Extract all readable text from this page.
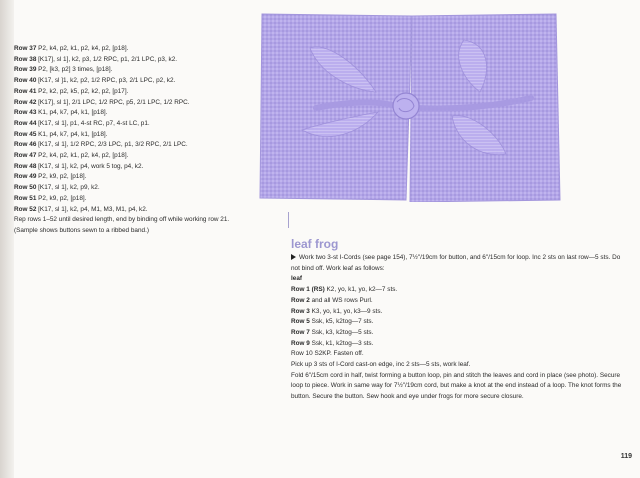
Row 37 P2, k4, p2, k1, p2, k4, p2, [p18].

Row 38 [K17], sl 1], k2, p3, 1/2 RPC, p1, 2/1 LPC, p3, k2.

Row 39 P2, [k3, p2] 3 times, [p18].

Row 40 [K17, sl ]1, k2, p2, 1/2 RPC, p3, 2/1 LPC, p2, k2.

Row 41 P2, k2, p2, k5, p2, k2, p2, [p17].

Row 42 [K17], sl 1], 2/1 LPC, 1/2 RPC, p5, 2/1 LPC, 1/2 RPC.

Row 43 K1, p4, k7, p4, k1, [p18].

Row 44 [K17, sl 1], p1, 4-st RC, p7, 4-st LC, p1.

Row 45 K1, p4, k7, p4, k1, [p18].

Row 46 [K17, sl 1], 1/2 RPC, 2/3 LPC, p1, 3/2 RPC, 2/1 LPC.

Row 47 P2, k4, p2, k1, p2, k4, p2, [p18].

Row 48 [K17, sl 1], k2, p4, work 5 tog, p4, k2.

Row 49 P2, k9, p2, [p18].

Row 50 [K17, sl 1], k2, p9, k2.

Row 51 P2, k9, p2, [p18].

Row 52 [K17, sl 1], k2, p4, M1, M3, M1, p4, k2.

Rep rows 1–52 until desired length, end by binding off while working row 21.

(Sample shows buttons sewn to a ribbed band.)

leaf frog

Work two 3-st I-Cords (see page 154), 7½"/19cm for button, and 6"/15cm for loop. Inc 2 sts on last row—5 sts. Do not bind off. Work leaf as follows:

leaf

Row 1 (RS) K2, yo, k1, yo, k2—7 sts.

Row 2 and all WS rows Purl.

Row 3 K3, yo, k1, yo, k3—9 sts.

Row 5 Ssk, k5, k2tog—7 sts.

Row 7 Ssk, k3, k2tog—5 sts.

Row 9 Ssk, k1, k2tog—3 sts.

Row 10 S2KP. Fasten off.

Pick up 3 sts of I-Cord cast-on edge, inc 2 sts—5 sts, work leaf.

Fold 6"/15cm cord in half, twist forming a button loop, pin and stitch the leaves and cord in place (see photo). Secure loop to piece. Work in same way for 7½"/19cm cord, but make a knot at the end instead of a loop. The knot forms the button. Secure the button. Sew hook and eye under frogs for more secure closure.

119
